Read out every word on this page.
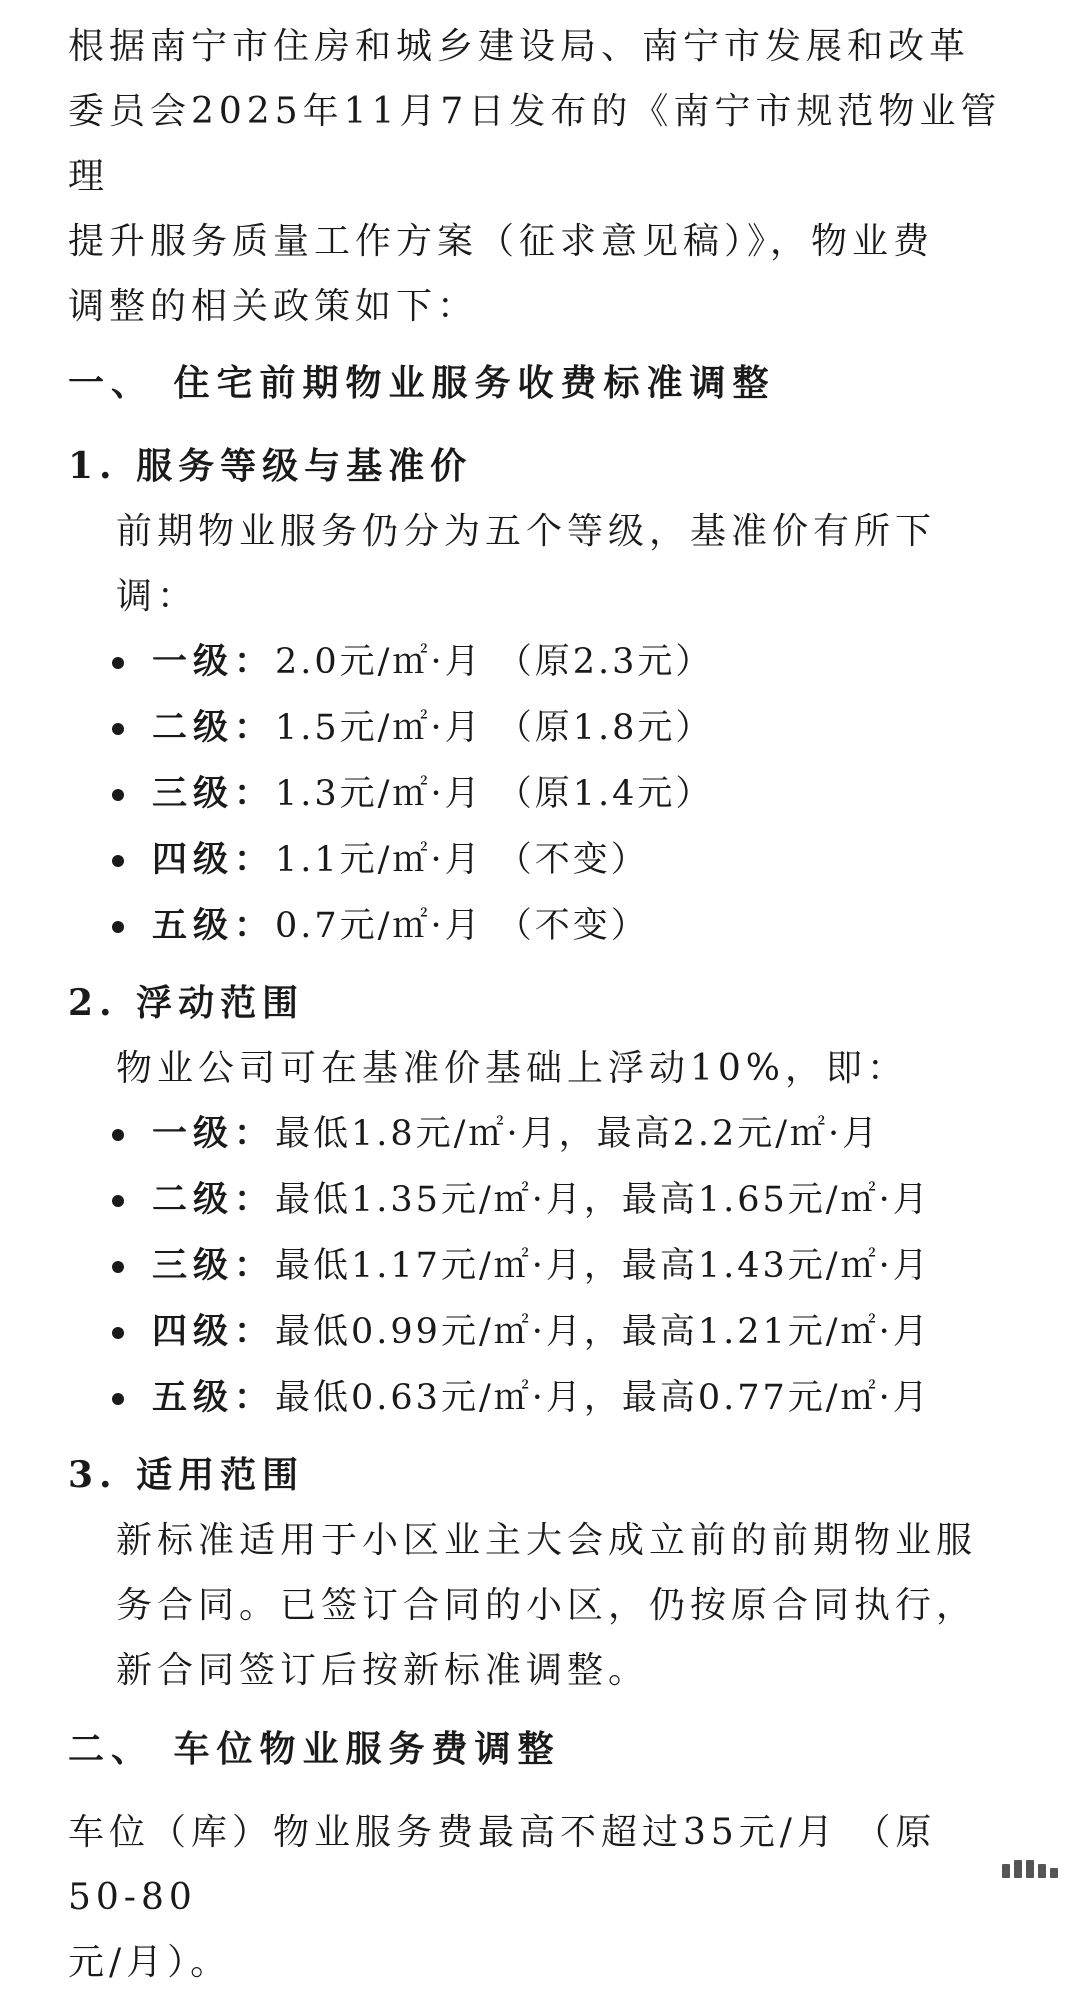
根据南宁市住房和城乡建设局、南宁市发展和改革

委员会2025年11月7日发布的《南宁市规范物业管理

提升服务质量工作方案（征求意见稿）》，物业费

调整的相关政策如下：

一、 住宅前期物业服务收费标准调整
1. 服务等级与基准价

前期物业服务仍分为五个等级，基准价有所下

调：

一级：2.0元/㎡·月 （原2.3元）
二级：1.5元/㎡·月 （原1.8元）
三级：1.3元/㎡·月 （原1.4元）
四级：1.1元/㎡·月 （不变）
五级：0.7元/㎡·月 （不变）
2. 浮动范围

物业公司可在基准价基础上浮动10%，即：

一级：最低1.8元/㎡·月，最高2.2元/㎡·月
二级：最低1.35元/㎡·月，最高1.65元/㎡·月
三级：最低1.17元/㎡·月，最高1.43元/㎡·月
四级：最低0.99元/㎡·月，最高1.21元/㎡·月
五级：最低0.63元/㎡·月，最高0.77元/㎡·月
3. 适用范围

新标准适用于小区业主大会成立前的前期物业服

务合同。已签订合同的小区，仍按原合同执行，

新合同签订后按新标准调整。

二、 车位物业服务费调整

车位（库）物业服务费最高不超过35元/月 （原50-80

元/月）。
